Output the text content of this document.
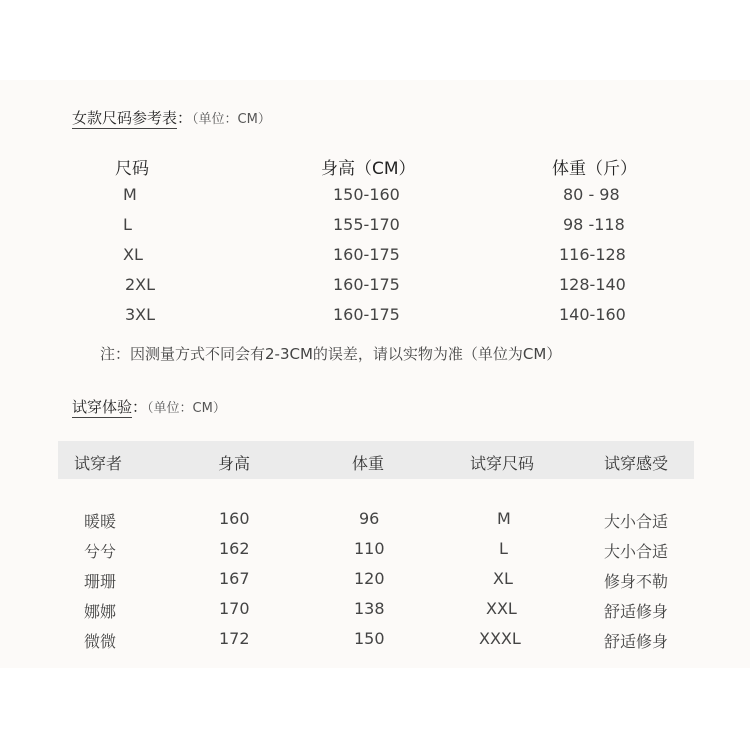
女款尺码参考表：（单位：CM）
尺码	身高（CM）	体重（斤）
M	150-160	80 - 98
L	155-170	98 -118
XL	160-175	116-128
2XL	160-175	128-140
3XL	160-175	140-160
注：因测量方式不同会有2-3CM的误差，请以实物为准（单位为CM）
试穿体验：（单位：CM）
试穿者	身高	体重	试穿尺码	试穿感受
暖暖	160	96	M	大小合适
兮兮	162	110	L	大小合适
珊珊	167	120	XL	修身不勒
娜娜	170	138	XXL	舒适修身
微微	172	150	XXXL	舒适修身
